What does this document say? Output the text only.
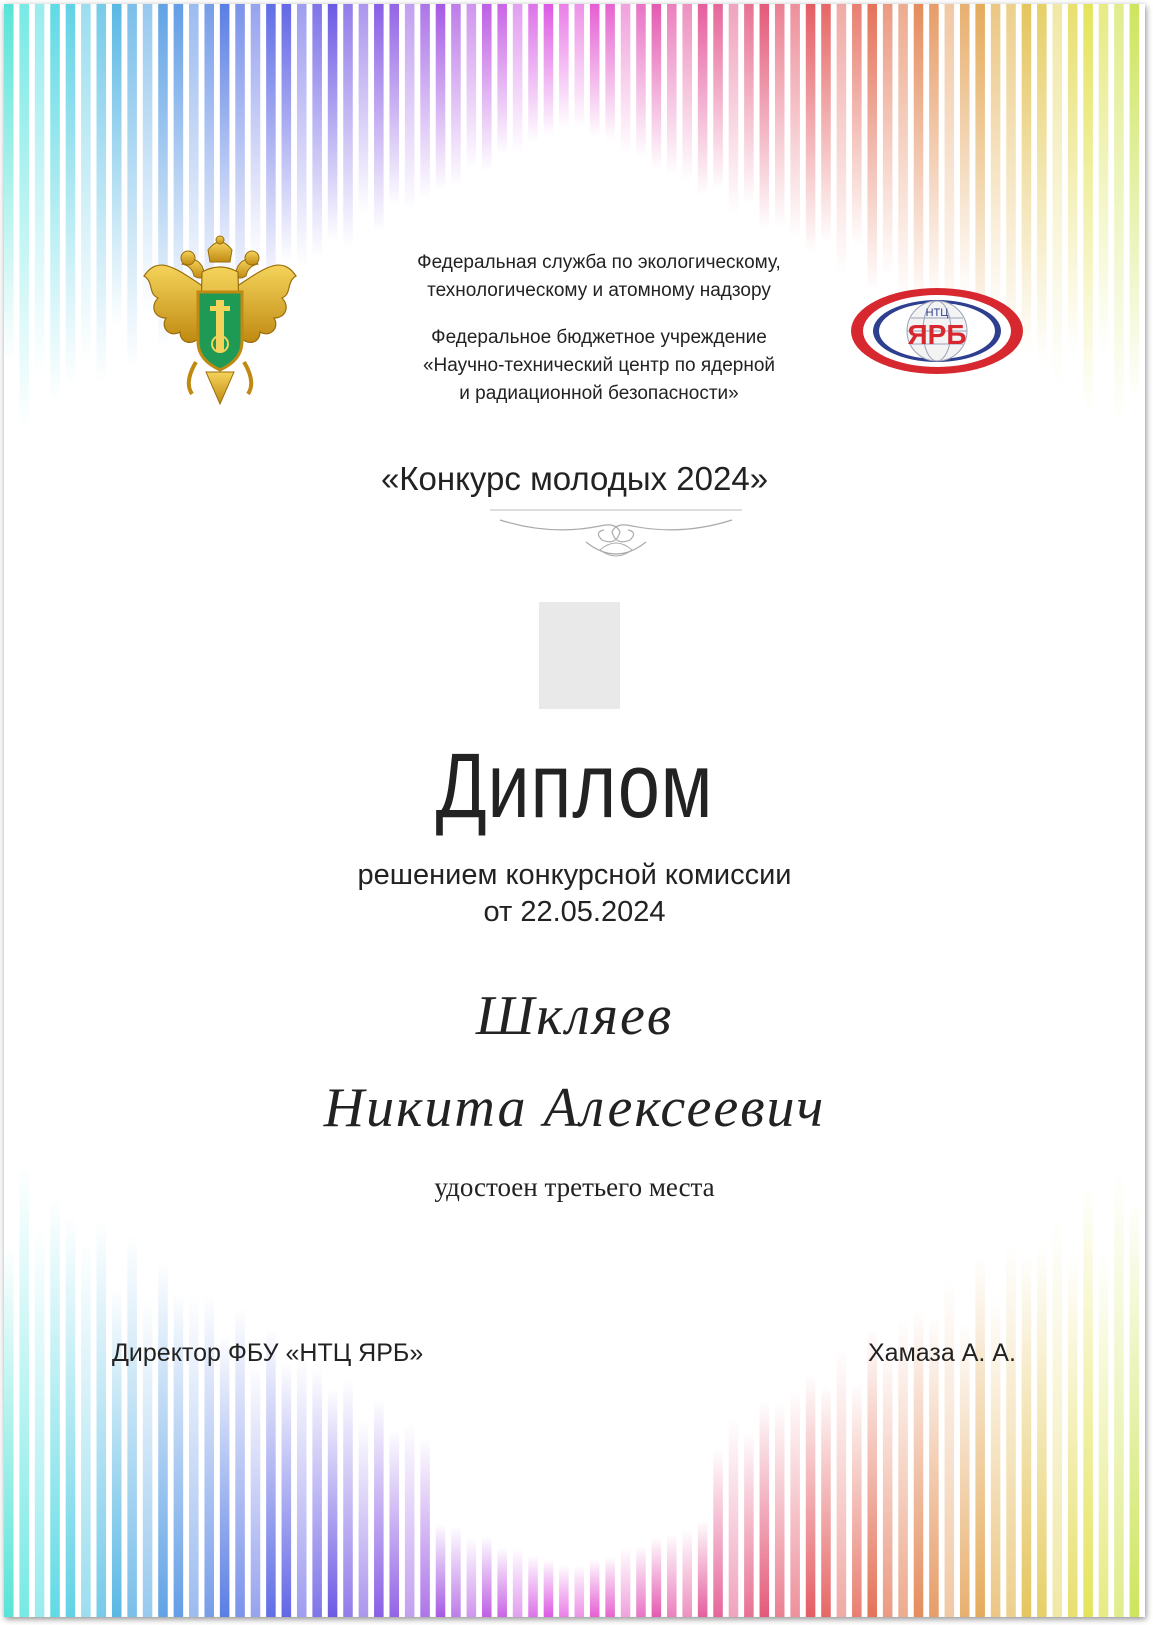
Федеральная служба по экологическому,

технологическому и атомному надзору

Федеральное бюджетное учреждение

«Научно-технический центр по ядерной

и радиационной безопасности»

НТЦ
ЯРБ

«Конкурс молодых 2024»

Диплом

решением конкурсной комиссии

от 22.05.2024

Шкляев

Никита Алексеевич

удостоен третьего места

Директор ФБУ «НТЦ ЯРБ»	Хамаза А. А.
